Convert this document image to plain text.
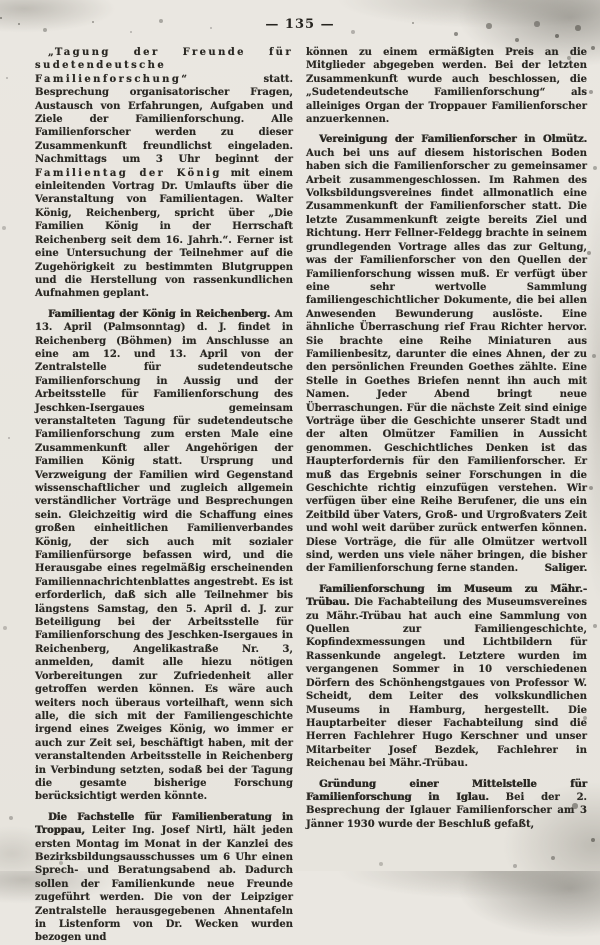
— 135 —

„Tagung der Freunde für sudetendeutsche Familienforschung“ statt. Besprechung organisatorischer Fragen, Austausch von Erfahrungen, Aufgaben und Ziele der Familienforschung. Alle Familienforscher werden zu dieser Zusammenkunft freundlichst eingeladen. Nachmittags um 3 Uhr beginnt der Familientag der König mit einem einleitenden Vortrag Dr. Umlaufts über die Veranstaltung von Familientagen. Walter König, Reichenberg, spricht über „Die Familien König in der Herrschaft Reichenberg seit dem 16. Jahrh.“. Ferner ist eine Untersuchung der Teilnehmer auf die Zugehörigkeit zu bestimmten Blutgruppen und die Herstellung von rassenkundlichen Aufnahmen geplant.

Familientag der König in Reichenberg. Am 13. April (Palmsonntag) d. J. findet in Reichenberg (Böhmen) im Anschlusse an eine am 12. und 13. April von der Zentralstelle für sudetendeutsche Familienforschung in Aussig und der Arbeitsstelle für Familienforschung des Jeschken-Isergaues gemeinsam veranstalteten Tagung für sudetendeutsche Familienforschung zum ersten Male eine Zusammenkunft aller Angehörigen der Familien König statt. Ursprung und Verzweigung der Familien wird Gegenstand wissenschaftlicher und zugleich allgemein verständlicher Vorträge und Besprechungen sein. Gleichzeitig wird die Schaffung eines großen einheitlichen Familienverbandes König, der sich auch mit sozialer Familienfürsorge befassen wird, und die Herausgabe eines regelmäßig erscheinenden Familiennachrichtenblattes angestrebt. Es ist erforderlich, daß sich alle Teilnehmer bis längstens Samstag, den 5. April d. J. zur Beteiligung bei der Arbeitsstelle für Familienforschung des Jeschken-Isergaues in Reichenberg, Angelikastraße Nr. 3, anmelden, damit alle hiezu nötigen Vorbereitungen zur Zufriedenheit aller getroffen werden können. Es wäre auch weiters noch überaus vorteilhaft, wenn sich alle, die sich mit der Familiengeschichte irgend eines Zweiges König, wo immer er auch zur Zeit sei, beschäftigt haben, mit der veranstaltenden Arbeitsstelle in Reichenberg in Verbindung setzten, sodaß bei der Tagung die gesamte bisherige Forschung berücksichtigt werden könnte.

Die Fachstelle für Familienberatung in Troppau, Leiter Ing. Josef Nirtl, hält jeden ersten Montag im Monat in der Kanzlei des Bezirksbildungsausschusses um 6 Uhr einen Sprech- und Beratungsabend ab. Dadurch sollen der Familienkunde neue Freunde zugeführt werden. Die von der Leipziger Zentralstelle herausgegebenen Ahnentafeln in Listenform von Dr. Wecken wurden bezogen und

können zu einem ermäßigten Preis an die Mitglieder abgegeben werden. Bei der letzten Zusammenkunft wurde auch beschlossen, die „Sudetendeutsche Familienforschung“ als alleiniges Organ der Troppauer Familienforscher anzuerkennen.

Vereinigung der Familienforscher in Olmütz. Auch bei uns auf diesem historischen Boden haben sich die Familienforscher zu gemeinsamer Arbeit zusammengeschlossen. Im Rahmen des Volksbildungsvereines findet allmonatlich eine Zusammenkunft der Familienforscher statt. Die letzte Zusammenkunft zeigte bereits Ziel und Richtung. Herr Fellner-Feldegg brachte in seinem grundlegenden Vortrage alles das zur Geltung, was der Familienforscher von den Quellen der Familienforschung wissen muß. Er verfügt über eine sehr wertvolle Sammlung familiengeschichtlicher Dokumente, die bei allen Anwesenden Bewunderung auslöste. Eine ähnliche Überraschung rief Frau Richter hervor. Sie brachte eine Reihe Miniaturen aus Familienbesitz, darunter die eines Ahnen, der zu den persönlichen Freunden Goethes zählte. Eine Stelle in Goethes Briefen nennt ihn auch mit Namen. Jeder Abend bringt neue Überraschungen. Für die nächste Zeit sind einige Vorträge über die Geschichte unserer Stadt und der alten Olmützer Familien in Aussicht genommen. Geschichtliches Denken ist das Haupterfordernis für den Familienforscher. Er muß das Ergebnis seiner Forschungen in die Geschichte richtig einzufügen verstehen. Wir verfügen über eine Reihe Berufener, die uns ein Zeitbild über Vaters, Groß- und Urgroßvaters Zeit und wohl weit darüber zurück entwerfen können. Diese Vorträge, die für alle Olmützer wertvoll sind, werden uns viele näher bringen, die bisher der Familienforschung ferne standen.	Saliger.

Familienforschung im Museum zu Mähr.-Trübau. Die Fachabteilung des Museumsvereines zu Mähr.-Trübau hat auch eine Sammlung von Quellen zur Familiengeschichte, Kopfindexmessungen und Lichtbildern für Rassenkunde angelegt. Letztere wurden im vergangenen Sommer in 10 verschiedenen Dörfern des Schönhengstgaues von Professor W. Scheidt, dem Leiter des volkskundlichen Museums in Hamburg, hergestellt. Die Hauptarbeiter dieser Fachabteilung sind die Herren Fachlehrer Hugo Kerschner und unser Mitarbeiter Josef Bezdek, Fachlehrer in Reichenau bei Mähr.-Trübau.

Gründung einer Mittelstelle für Familienforschung in Iglau. Bei der 2. Besprechung der Iglauer Familienforscher am 3 Jänner 1930 wurde der Beschluß gefaßt,
